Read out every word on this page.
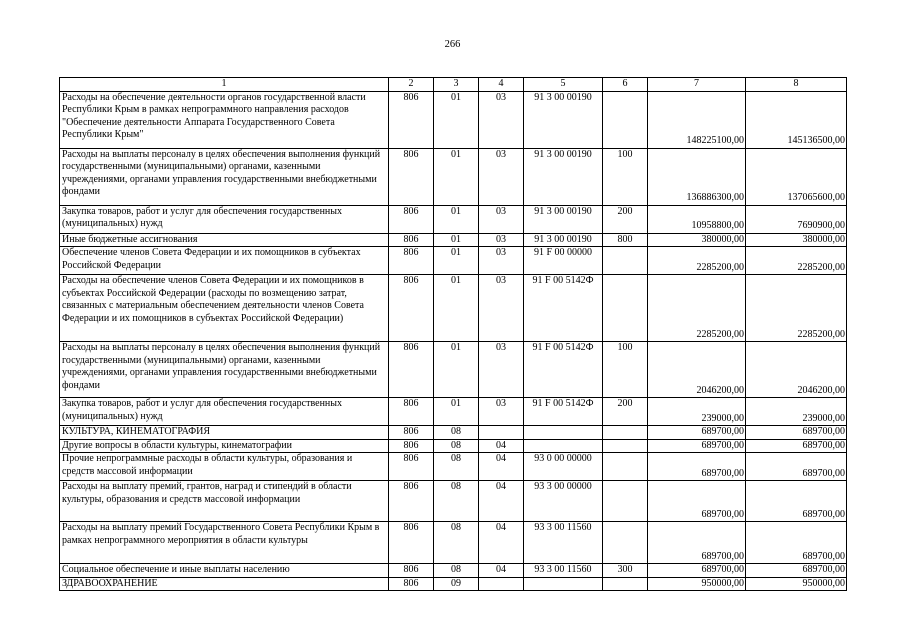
266
1	2	3	4	5	6	7	8
Расходы на обеспечение деятельности органов государственной власти Республики Крым в рамках непрограммного направления расходов "Обеспечение деятельности Аппарата Государственного Совета Республики Крым"	806	01	03	91 3 00 00190		148225100,00	145136500,00
Расходы на выплаты персоналу в целях обеспечения выполнения функций государственными (муниципальными) органами, казенными учреждениями, органами управления государственными внебюджетными фондами	806	01	03	91 3 00 00190	100	136886300,00	137065600,00
Закупка товаров, работ и услуг для обеспечения государственных (муниципальных) нужд	806	01	03	91 3 00 00190	200	10958800,00	7690900,00
Иные бюджетные ассигнования	806	01	03	91 3 00 00190	800	380000,00	380000,00
Обеспечение членов Совета Федерации и их помощников в субъектах Российской Федерации	806	01	03	91 F 00 00000		2285200,00	2285200,00
Расходы на обеспечение членов Совета Федерации и их помощников в субъектах Российской Федерации (расходы по возмещению затрат, связанных с материальным обеспечением деятельности членов Совета Федерации и их помощников в субъектах Российской Федерации)	806	01	03	91 F 00 5142Ф		2285200,00	2285200,00
Расходы на выплаты персоналу в целях обеспечения выполнения функций государственными (муниципальными) органами, казенными учреждениями, органами управления государственными внебюджетными фондами	806	01	03	91 F 00 5142Ф	100	2046200,00	2046200,00
Закупка товаров, работ и услуг для обеспечения государственных (муниципальных) нужд	806	01	03	91 F 00 5142Ф	200	239000,00	239000,00
КУЛЬТУРА, КИНЕМАТОГРАФИЯ	806	08				689700,00	689700,00
Другие вопросы в области культуры, кинематографии	806	08	04			689700,00	689700,00
Прочие непрограммные расходы в области культуры, образования и средств массовой информации	806	08	04	93 0 00 00000		689700,00	689700,00
Расходы на выплату премий, грантов, наград и стипендий в области культуры, образования и средств массовой информации	806	08	04	93 3 00 00000		689700,00	689700,00
Расходы на выплату премий Государственного Совета Республики Крым в рамках непрограммного мероприятия в области культуры	806	08	04	93 3 00 11560		689700,00	689700,00
Социальное обеспечение и иные выплаты населению	806	08	04	93 3 00 11560	300	689700,00	689700,00
ЗДРАВООХРАНЕНИЕ	806	09				950000,00	950000,00
